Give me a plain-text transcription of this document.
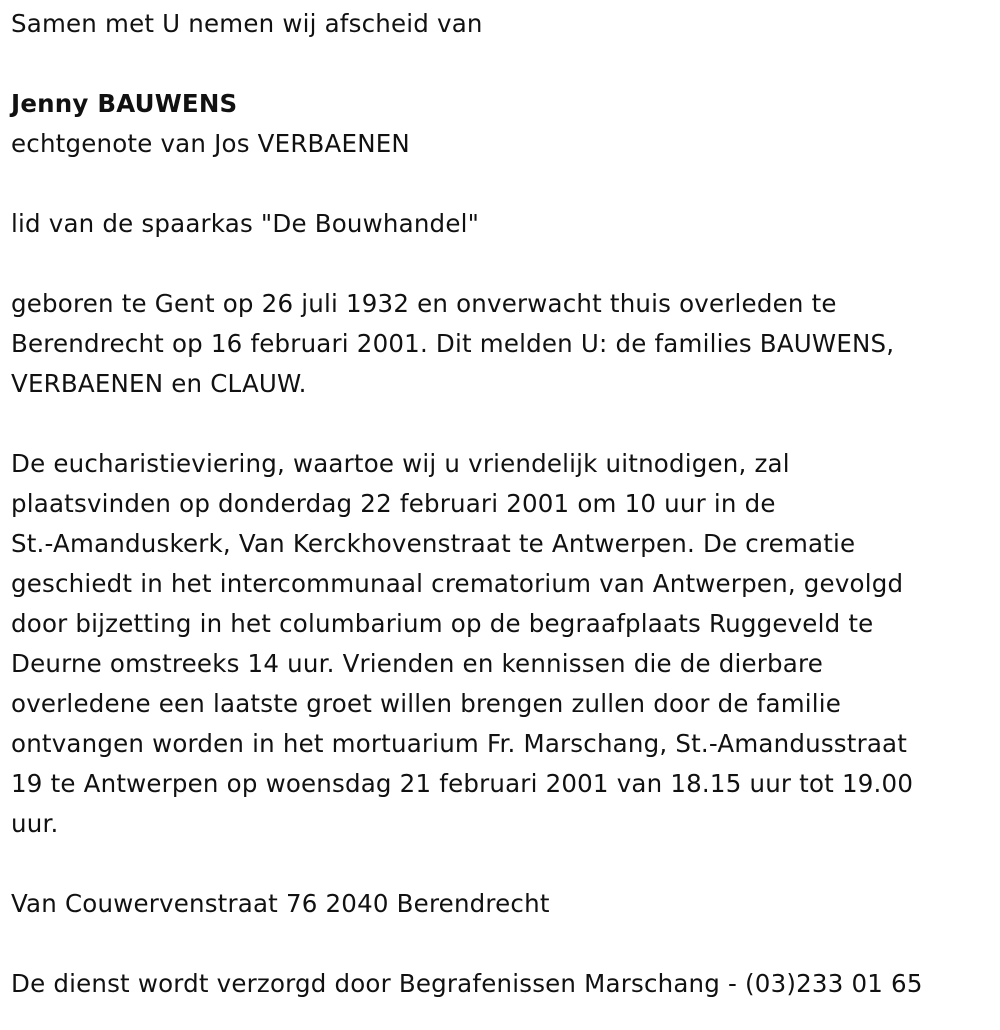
Samen met U nemen wij afscheid van

Jenny BAUWENS

echtgenote van Jos VERBAENEN

lid van de spaarkas "De Bouwhandel"

geboren te Gent op 26 juli 1932 en onverwacht thuis overleden te
Berendrecht op 16 februari 2001. Dit melden U: de families BAUWENS,
VERBAENEN en CLAUW.

De eucharistieviering, waartoe wij u vriendelijk uitnodigen, zal
plaatsvinden op donderdag 22 februari 2001 om 10 uur in de
St.-Amanduskerk, Van Kerckhovenstraat te Antwerpen. De crematie
geschiedt in het intercommunaal crematorium van Antwerpen, gevolgd
door bijzetting in het columbarium op de begraafplaats Ruggeveld te
Deurne omstreeks 14 uur. Vrienden en kennissen die de dierbare
overledene een laatste groet willen brengen zullen door de familie
ontvangen worden in het mortuarium Fr. Marschang, St.-Amandusstraat
19 te Antwerpen op woensdag 21 februari 2001 van 18.15 uur tot 19.00
uur.

Van Couwervenstraat 76 2040 Berendrecht

De dienst wordt verzorgd door Begrafenissen Marschang - (03)233 01 65
